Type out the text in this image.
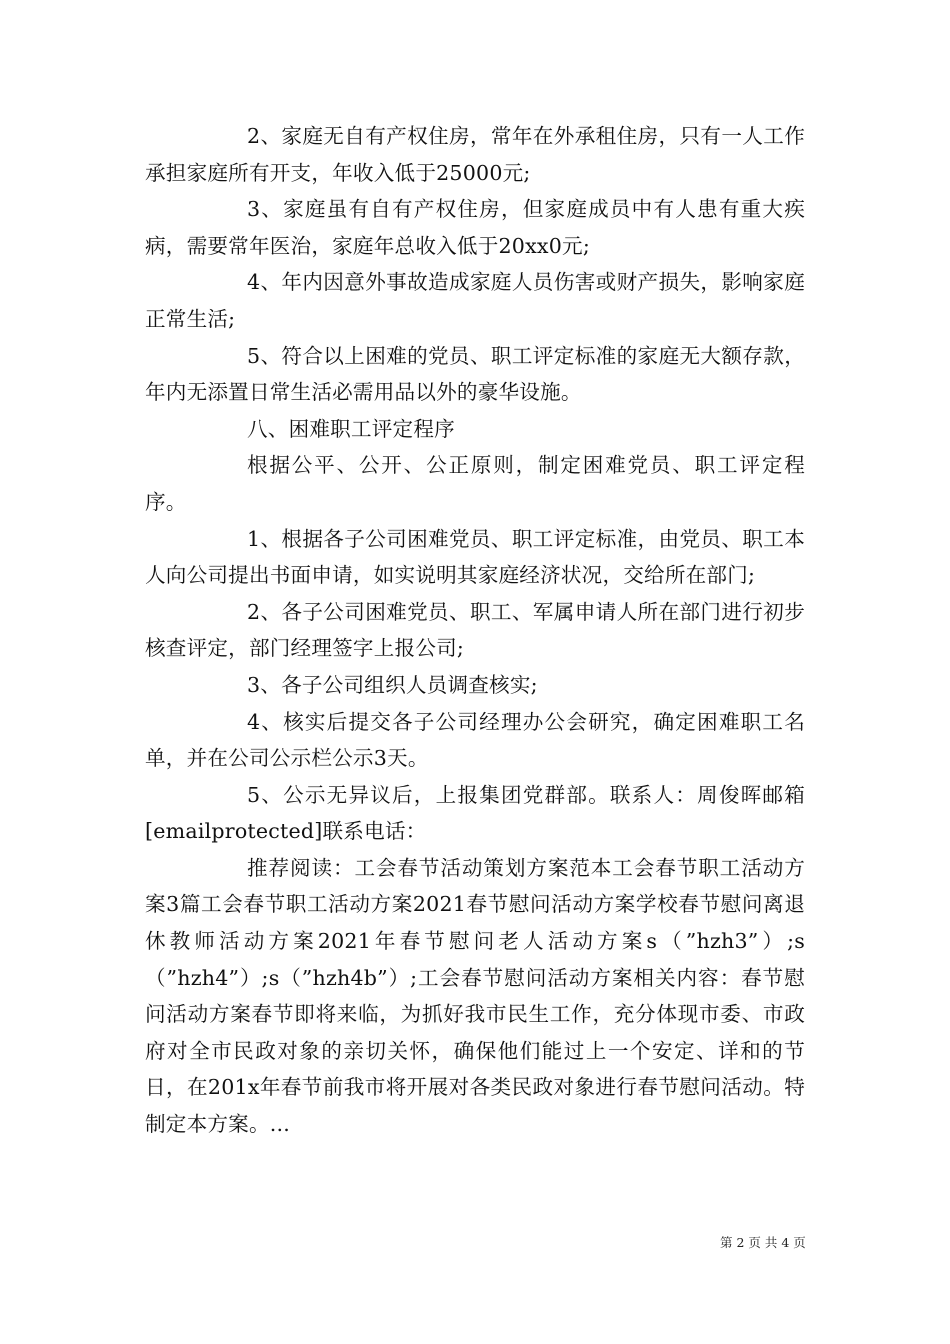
2、家庭无自有产权住房，常年在外承租住房，只有一人工作承担家庭所有开支，年收入低于25000元;

3、家庭虽有自有产权住房，但家庭成员中有人患有重大疾病，需要常年医治，家庭年总收入低于20xx0元;

4、年内因意外事故造成家庭人员伤害或财产损失，影响家庭正常生活;

5、符合以上困难的党员、职工评定标准的家庭无大额存款，年内无添置日常生活必需用品以外的豪华设施。

八、困难职工评定程序

根据公平、公开、公正原则，制定困难党员、职工评定程序。

1、根据各子公司困难党员、职工评定标准，由党员、职工本人向公司提出书面申请，如实说明其家庭经济状况，交给所在部门;

2、各子公司困难党员、职工、军属申请人所在部门进行初步核查评定，部门经理签字上报公司;

3、各子公司组织人员调查核实;

4、核实后提交各子公司经理办公会研究，确定困难职工名单，并在公司公示栏公示3天。

5、公示无异议后，上报集团党群部。联系人：周俊晖邮箱[emailprotected]联系电话：

推荐阅读：工会春节活动策划方案范本工会春节职工活动方案3篇工会春节职工活动方案2021春节慰问活动方案学校春节慰问离退休教师活动方案2021年春节慰问老人活动方案s（”hzh3”）;s（”hzh4”）;s（”hzh4b”）;工会春节慰问活动方案相关内容：春节慰问活动方案春节即将来临，为抓好我市民生工作，充分体现市委、市政府对全市民政对象的亲切关怀，确保他们能过上一个安定、详和的节日，在201x年春节前我市将开展对各类民政对象进行春节慰问活动。特制定本方案。...

第 2 页 共 4 页
